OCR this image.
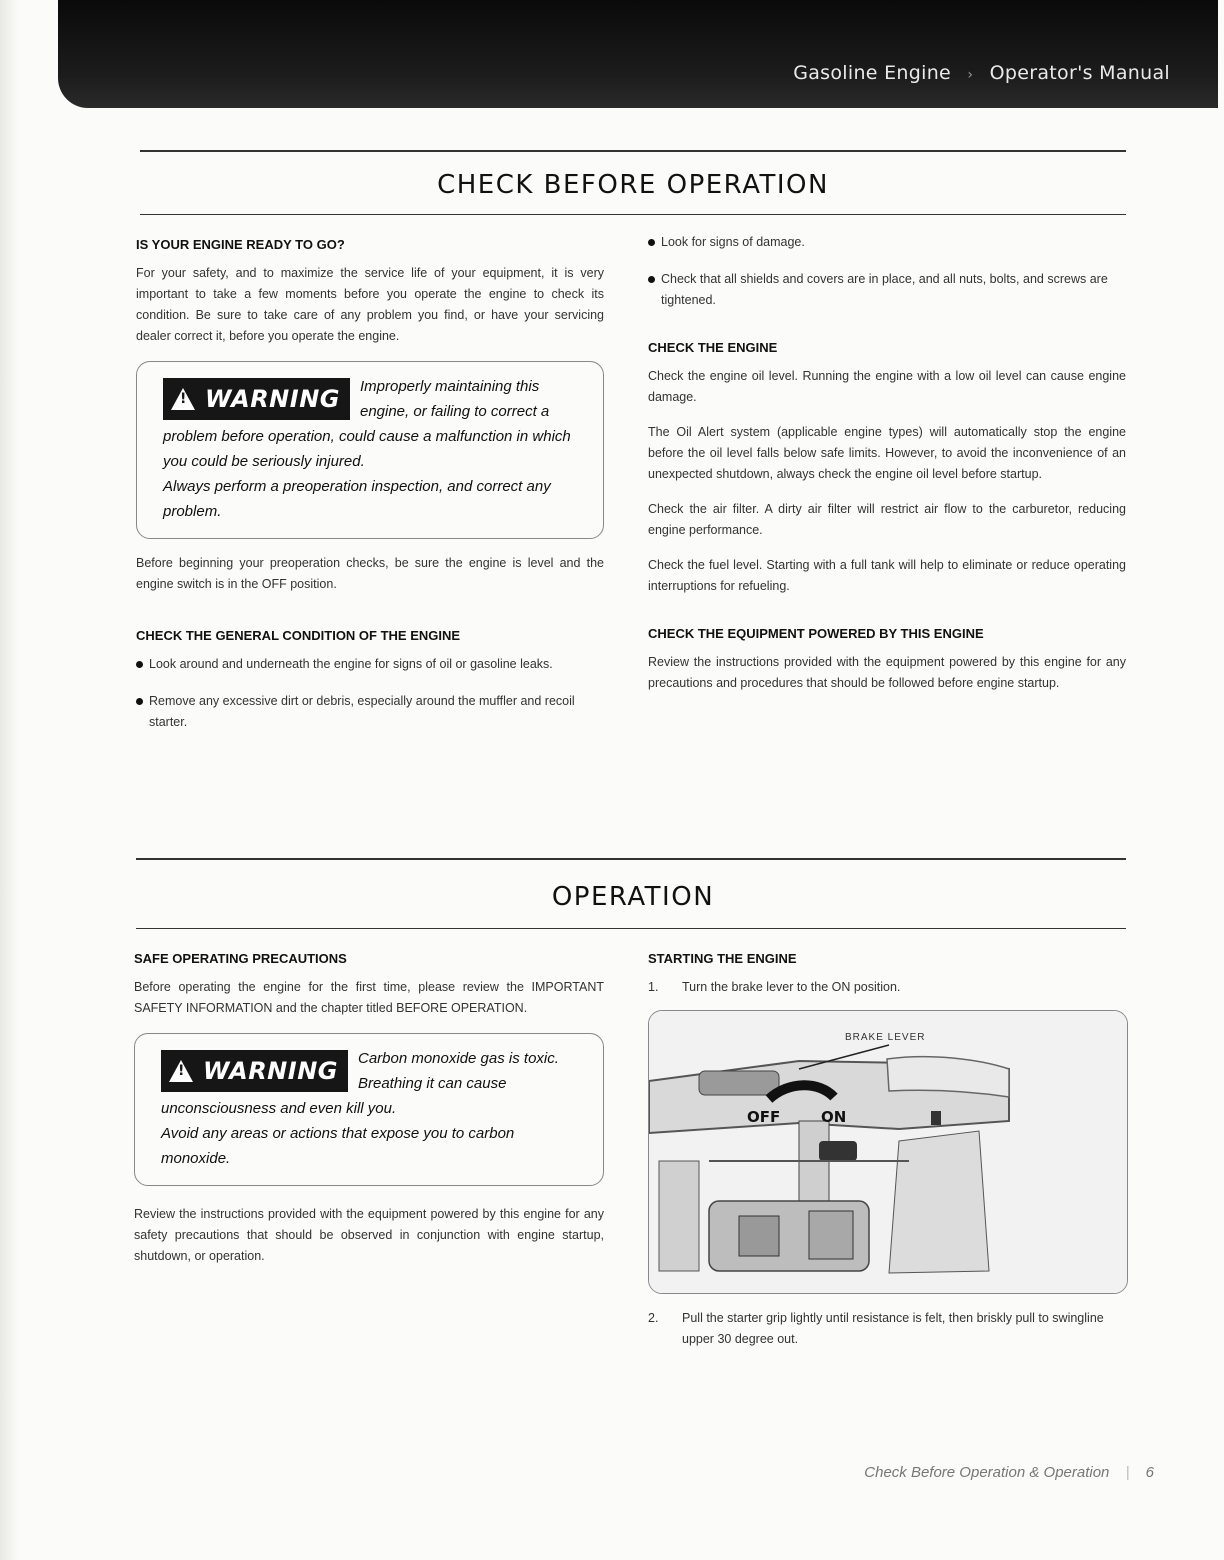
Gasoline Engine › Operator's Manual
CHECK BEFORE OPERATION
IS YOUR ENGINE READY TO GO?

For your safety, and to maximize the service life of your equipment, it is very important to take a few moments before you operate the engine to check its condition. Be sure to take care of any problem you find, or have your servicing dealer correct it, before you operate the engine.

! WARNING	Improperly maintaining this engine, or failing to correct a problem before operation, could cause a malfunction in which you could be seriously injured.

Always perform a preoperation inspection, and correct any problem.

Before beginning your preoperation checks, be sure the engine is level and the engine switch is in the OFF position.

CHECK THE GENERAL CONDITION OF THE ENGINE
Look around and underneath the engine for signs of oil or gasoline leaks.
Remove any excessive dirt or debris, especially around the muffler and recoil starter.
Look for signs of damage.
Check that all shields and covers are in place, and all nuts, bolts, and screws are tightened.
CHECK THE ENGINE

Check the engine oil level. Running the engine with a low oil level can cause engine damage.

The Oil Alert system (applicable engine types) will automatically stop the engine before the oil level falls below safe limits. However, to avoid the inconvenience of an unexpected shutdown, always check the engine oil level before startup.

Check the air filter. A dirty air filter will restrict air flow to the carburetor, reducing engine performance.

Check the fuel level. Starting with a full tank will help to eliminate or reduce operating interruptions for refueling.

CHECK THE EQUIPMENT POWERED BY THIS ENGINE

Review the instructions provided with the equipment powered by this engine for any precautions and procedures that should be followed before engine startup.

OPERATION
SAFE OPERATING PRECAUTIONS

Before operating the engine for the first time, please review the IMPORTANT SAFETY INFORMATION and the chapter titled BEFORE OPERATION.

! WARNING	Carbon monoxide gas is toxic. Breathing it can cause unconsciousness and even kill you.

Avoid any areas or actions that expose you to carbon monoxide.

Review the instructions provided with the equipment powered by this engine for any safety precautions that should be observed in conjunction with engine startup, shutdown, or operation.

STARTING THE ENGINE
1.	Turn the brake lever to the ON position.
BRAKE LEVER
OFF	ON
2.	Pull the starter grip lightly until resistance is felt, then briskly pull to swingline upper 30 degree out.
Check Before Operation & Operation | 6
